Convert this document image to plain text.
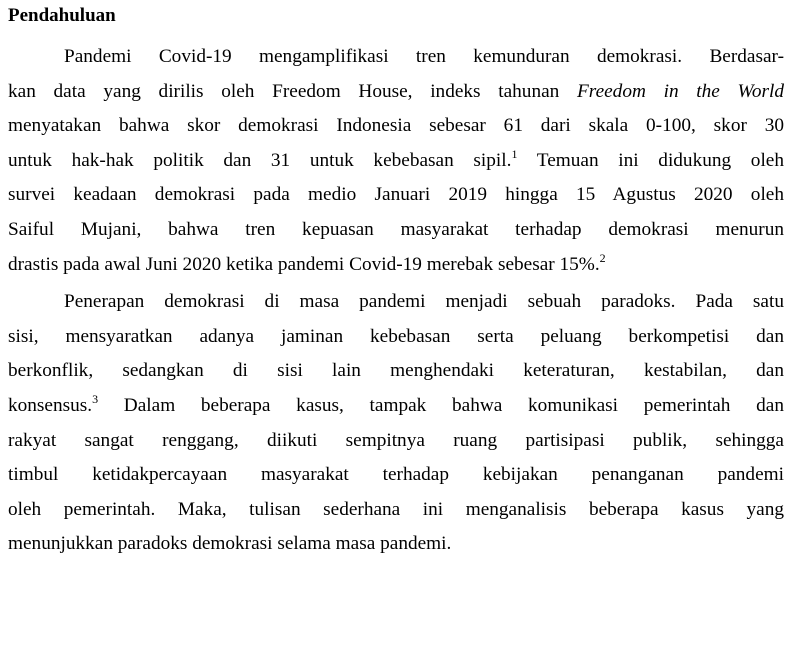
Pendahuluan
Pandemi Covid-19 mengamplifikasi tren kemunduran demokrasi. Berdasar-
kan data yang dirilis oleh Freedom House, indeks tahunan Freedom in the World
menyatakan bahwa skor demokrasi Indonesia sebesar 61 dari skala 0-100, skor 30
untuk hak-hak politik dan 31 untuk kebebasan sipil.$^1$ Temuan ini didukung oleh
survei keadaan demokrasi pada medio Januari 2019 hingga 15 Agustus 2020 oleh
Saiful Mujani, bahwa tren kepuasan masyarakat terhadap demokrasi menurun
drastis pada awal Juni 2020 ketika pandemi Covid-19 merebak sebesar 15%.$^2$
Penerapan demokrasi di masa pandemi menjadi sebuah paradoks. Pada satu
sisi, mensyaratkan adanya jaminan kebebasan serta peluang berkompetisi dan
berkonflik, sedangkan di sisi lain menghendaki keteraturan, kestabilan, dan
konsensus.$^3$ Dalam beberapa kasus, tampak bahwa komunikasi pemerintah dan
rakyat sangat renggang, diikuti sempitnya ruang partisipasi publik, sehingga
timbul ketidakpercayaan masyarakat terhadap kebijakan penanganan pandemi
oleh pemerintah. Maka, tulisan sederhana ini menganalisis beberapa kasus yang
menunjukkan paradoks demokrasi selama masa pandemi.
